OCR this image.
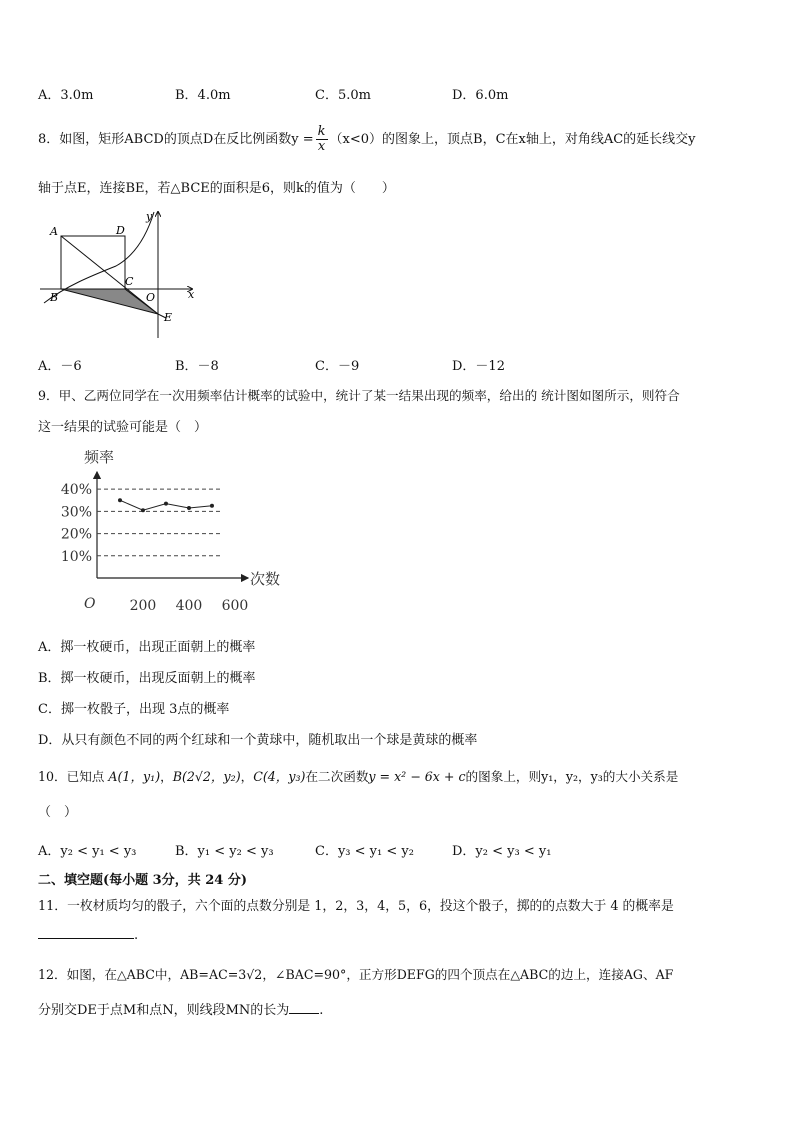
A．3.0m	B．4.0m	C．5.0m	D．6.0m
8．如图，矩形ABCD的顶点D在反比例函数$y = \frac{k}{x} (x<0)$的图象上，顶点B，C在x轴上，对角线AC的延长线交y
轴于点E，连接BE，若△BCE的面积是6，则k的值为（　　）
A	D
B
C
O
E
x
y
A．－6	B．－8	C．－9	D．－12
9．甲、乙两位同学在一次用频率估计概率的试验中，统计了某一结果出现的频率，给出的 统计图如图所示，则符合
这一结果的试验可能是（　）
10%
20%
30%
40%
200 400 600
频率
次数
O
A．掷一枚硬币，出现正面朝上的概率
B．掷一枚硬币，出现反面朝上的概率
C．掷一枚骰子，出现 3点的概率
D．从只有颜色不同的两个红球和一个黄球中，随机取出一个球是黄球的概率
10．已知点 A(1，y₁)，B(2√2，y₂)，C(4，y₃)在二次函数y = x² − 6x + c的图象上，则y₁，y₂，y₃的大小关系是
（　）
A．y₂ < y₁ < y₃	B．y₁ < y₂ < y₃	C．y₃ < y₁ < y₂	D．y₂ < y₃ < y₁
二、填空题(每小题 3分，共 24 分)
11．一枚材质均匀的骰子，六个面的点数分别是 1，2，3，4，5，6，投这个骰子，掷的的点数大于 4 的概率是
.
12．如图，在△ABC中，AB=AC=3√2，∠BAC=90°，正方形DEFG的四个顶点在△ABC的边上，连接AG、AF
分别交DE于点M和点N，则线段MN的长为 .
